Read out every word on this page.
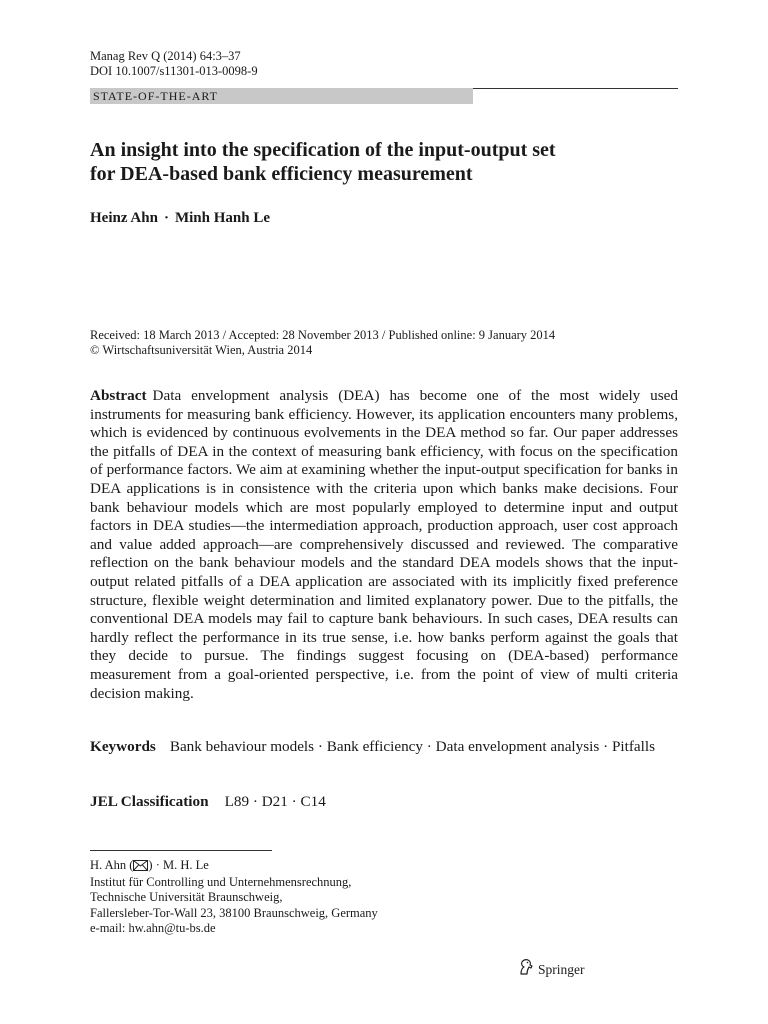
Manag Rev Q (2014) 64:3–37
DOI 10.1007/s11301-013-0098-9
STATE-OF-THE-ART
An insight into the specification of the input-output set
for DEA-based bank efficiency measurement
Heinz Ahn · Minh Hanh Le
Received: 18 March 2013 / Accepted: 28 November 2013 / Published online: 9 January 2014
© Wirtschaftsuniversität Wien, Austria 2014
Abstract Data envelopment analysis (DEA) has become one of the most widely used instruments for measuring bank efficiency. However, its application encounters many problems, which is evidenced by continuous evolvements in the DEA method so far. Our paper addresses the pitfalls of DEA in the context of measuring bank efficiency, with focus on the specification of performance factors. We aim at examining whether the input-output specification for banks in DEA applications is in consistence with the criteria upon which banks make decisions. Four bank behaviour models which are most popularly employed to determine input and output factors in DEA studies—the intermediation approach, production approach, user cost approach and value added approach—are comprehensively discussed and reviewed. The comparative reflection on the bank behaviour models and the standard DEA models shows that the input-output related pitfalls of a DEA application are associated with its implicitly fixed preference structure, flexible weight determination and limited explanatory power. Due to the pitfalls, the conventional DEA models may fail to capture bank behaviours. In such cases, DEA results can hardly reflect the performance in its true sense, i.e. how banks perform against the goals that they decide to pursue. The findings suggest focusing on (DEA-based) performance measurement from a goal-oriented perspective, i.e. from the point of view of multi criteria decision making.
Keywords Bank behaviour models · Bank efficiency · Data envelopment analysis · Pitfalls
JEL Classification L89 · D21 · C14
H. Ahn ( ) · M. H. Le
Institut für Controlling und Unternehmensrechnung,
Technische Universität Braunschweig,
Fallersleber-Tor-Wall 23, 38100 Braunschweig, Germany
e-mail: hw.ahn@tu-bs.de
Springer
